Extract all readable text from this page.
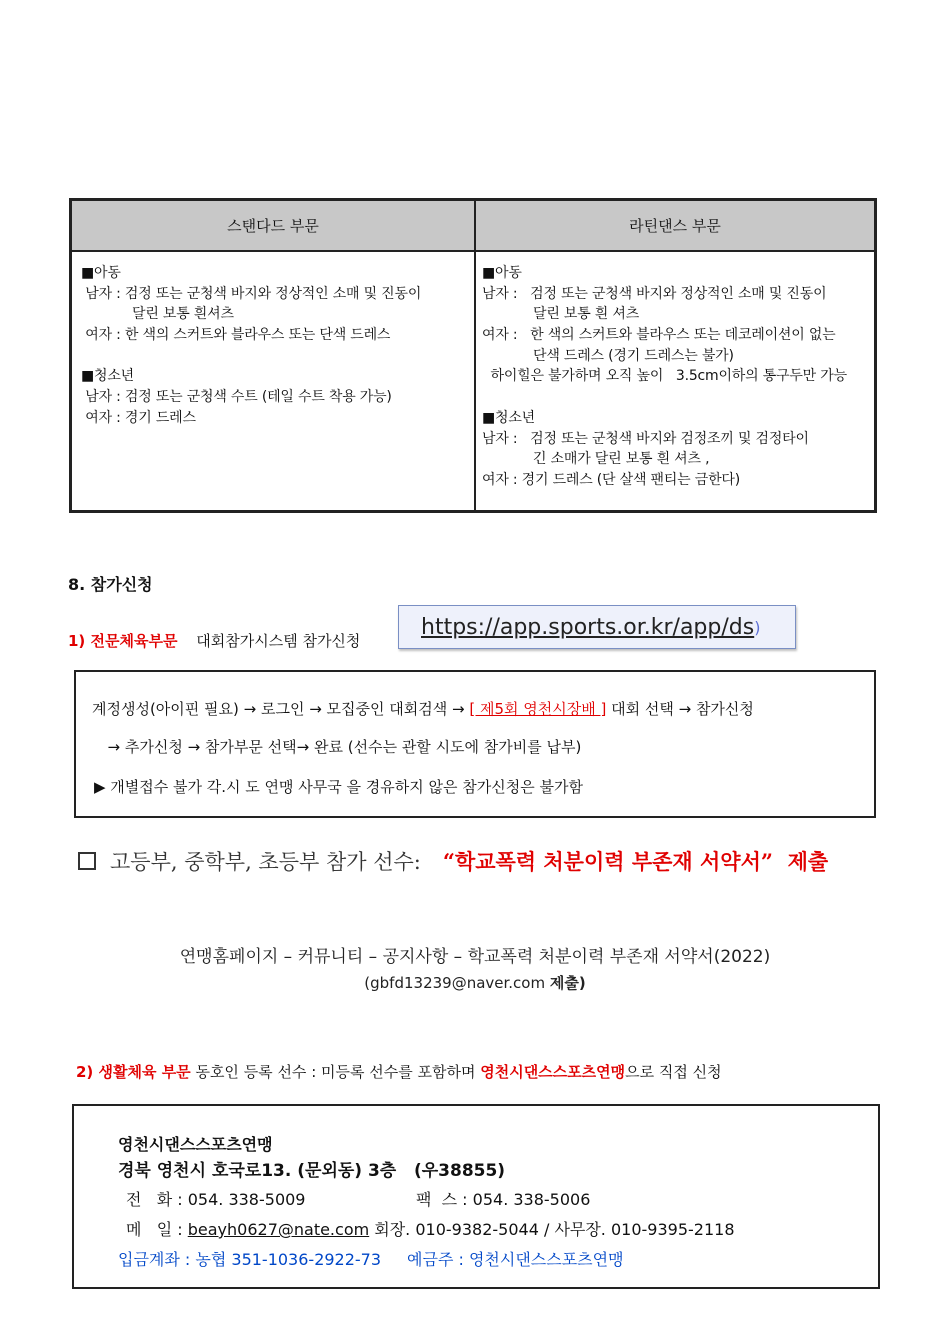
스탠다드 부문	라틴댄스 부문
■아동
남자 : 검정 또는 군청색 바지와 정상적인 소매 및 진동이
달린 보통 흰셔츠
여자 : 한 색의 스커트와 블라우스 또는 단색 드레스
■청소년
남자 : 검정 또는 군청색 수트 (테일 수트 착용 가능)
여자 : 경기 드레스
■아동
남자 :   검정 또는 군청색 바지와 정상적인 소매 및 진동이
달린 보통 흰 셔츠
여자 :   한 색의 스커트와 블라우스 또는 데코레이션이 없는
단색 드레스 (경기 드레스는 불가)
하이힐은 불가하며 오직 높이   3.5cm이하의 통구두만 가능
■청소년
남자 :   검정 또는 군청색 바지와 검정조끼 및 검정타이
긴 소매가 달린 보통 흰 셔츠 ,
여자 : 경기 드레스 (단 살색 팬티는 금한다)
8. 참가신청
1) 전문체육부문 대회참가시스템 참가신청
https://app.sports.or.kr/app/ds )
계정생성(아이핀 필요) → 로그인 → 모집중인 대회검색 → [ 제5회 영천시장배 ] 대회 선택 → 참가신청
→ 추가신청 → 참가부문 선택→ 완료 (선수는 관할 시도에 참가비를 납부)
▶ 개별접수 불가 각.시 도 연맹 사무국 을 경유하지 않은 참가신청은 불가함
고등부, 중학부, 초등부 참가 선수: “학교폭력 처분이력 부존재 서약서”  제출
연맹홈페이지 – 커뮤니티 – 공지사항 – 학교폭력 처분이력 부존재 서약서(2022)
(gbfd13239@naver.com 제출)
2) 생활체육 부문 동호인 등록 선수 : 미등록 선수를 포함하며 영천시댄스스포츠연맹으로 직접 신청
영천시댄스스포츠연맹
경북 영천시 호국로13. (문외동) 3층   (우38855)
전   화 : 054. 338-5009	팩  스 : 054. 338-5006
메   일 : beayh0627@nate.com 회장. 010-9382-5044 / 사무장. 010-9395-2118
입금계좌 : 농협 351-1036-2922-73 예금주 : 영천시댄스스포츠연맹
